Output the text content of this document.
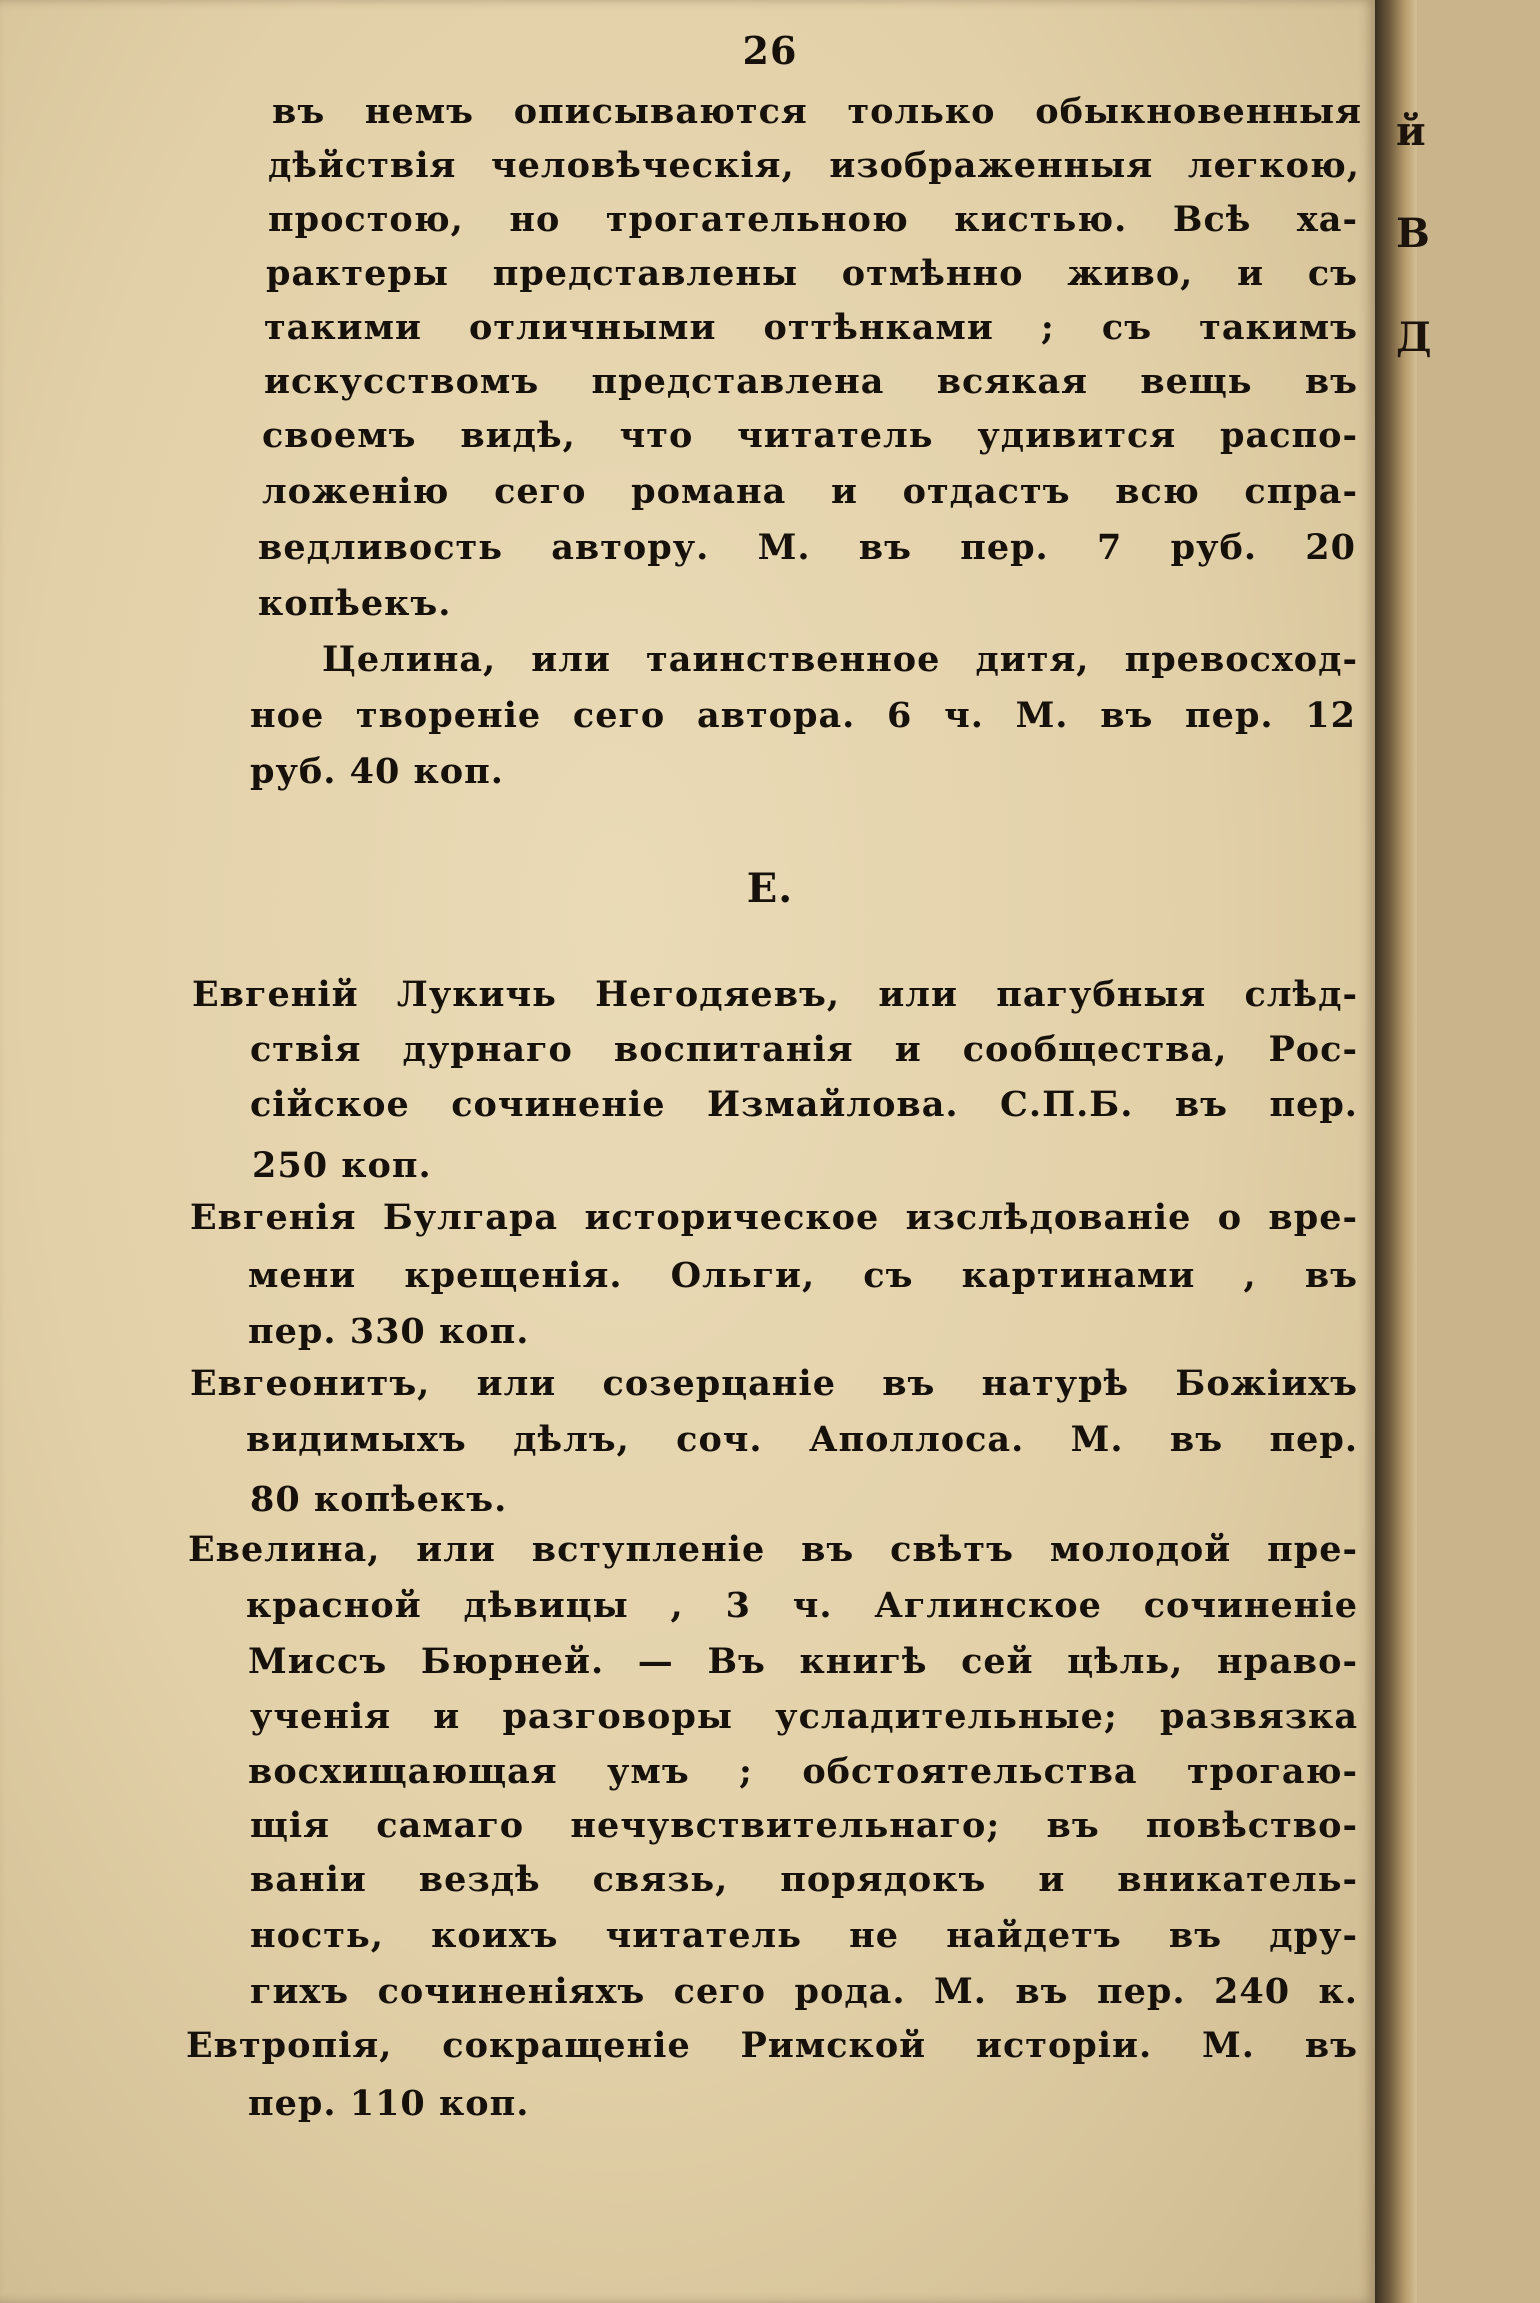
26
въ немъ описываются только обыкновенныя
дѣйствія человѣческія, изображенныя легкою,
простою, но трогательною кистью. Всѣ ха-
рактеры представлены отмѣнно живо, и съ
такими отличными оттѣнками ; съ такимъ
искусствомъ представлена всякая вещь въ
своемъ видѣ, что читатель удивится распо-
ложенію сего романа и отдастъ всю спра-
ведливость автору. М. въ пер. 7 руб. 20
копѣекъ.
Целина, или таинственное дитя, превосход-
ное твореніе сего автора. 6 ч. М. въ пер. 12
руб. 40 коп.
Е.
Евгеній Лукичь Негодяевъ, или пагубныя слѣд-
ствія дурнаго воспитанія и сообщества, Рос-
сійское сочиненіе Измайлова. С.П.Б. въ пер.
250 коп.
Евгенія Булгара историческое изслѣдованіе о вре-
мени крещенія. Ольги, съ картинами , въ
пер. 330 коп.
Евгеонитъ, или созерцаніе въ натурѣ Божіихъ
видимыхъ дѣлъ, соч. Аполлоса. М. въ пер.
80 копѣекъ.
Евелина, или вступленіе въ свѣтъ молодой пре-
красной дѣвицы , 3 ч. Аглинское сочиненіе
Миссъ Бюрней. — Въ книгѣ сей цѣль, нраво-
ученія и разговоры усладительные; развязка
восхищающая умъ ; обстоятельства трогаю-
щія самаго нечувствительнаго; въ повѣство-
ваніи вездѣ связь, порядокъ и вникатель-
ность, коихъ читатель не найдетъ въ дру-
гихъ сочиненіяхъ сего рода. М. въ пер. 240 к.
Евтропія, сокращеніе Римской исторіи. М. въ
пер. 110 коп.
й
В
Д
